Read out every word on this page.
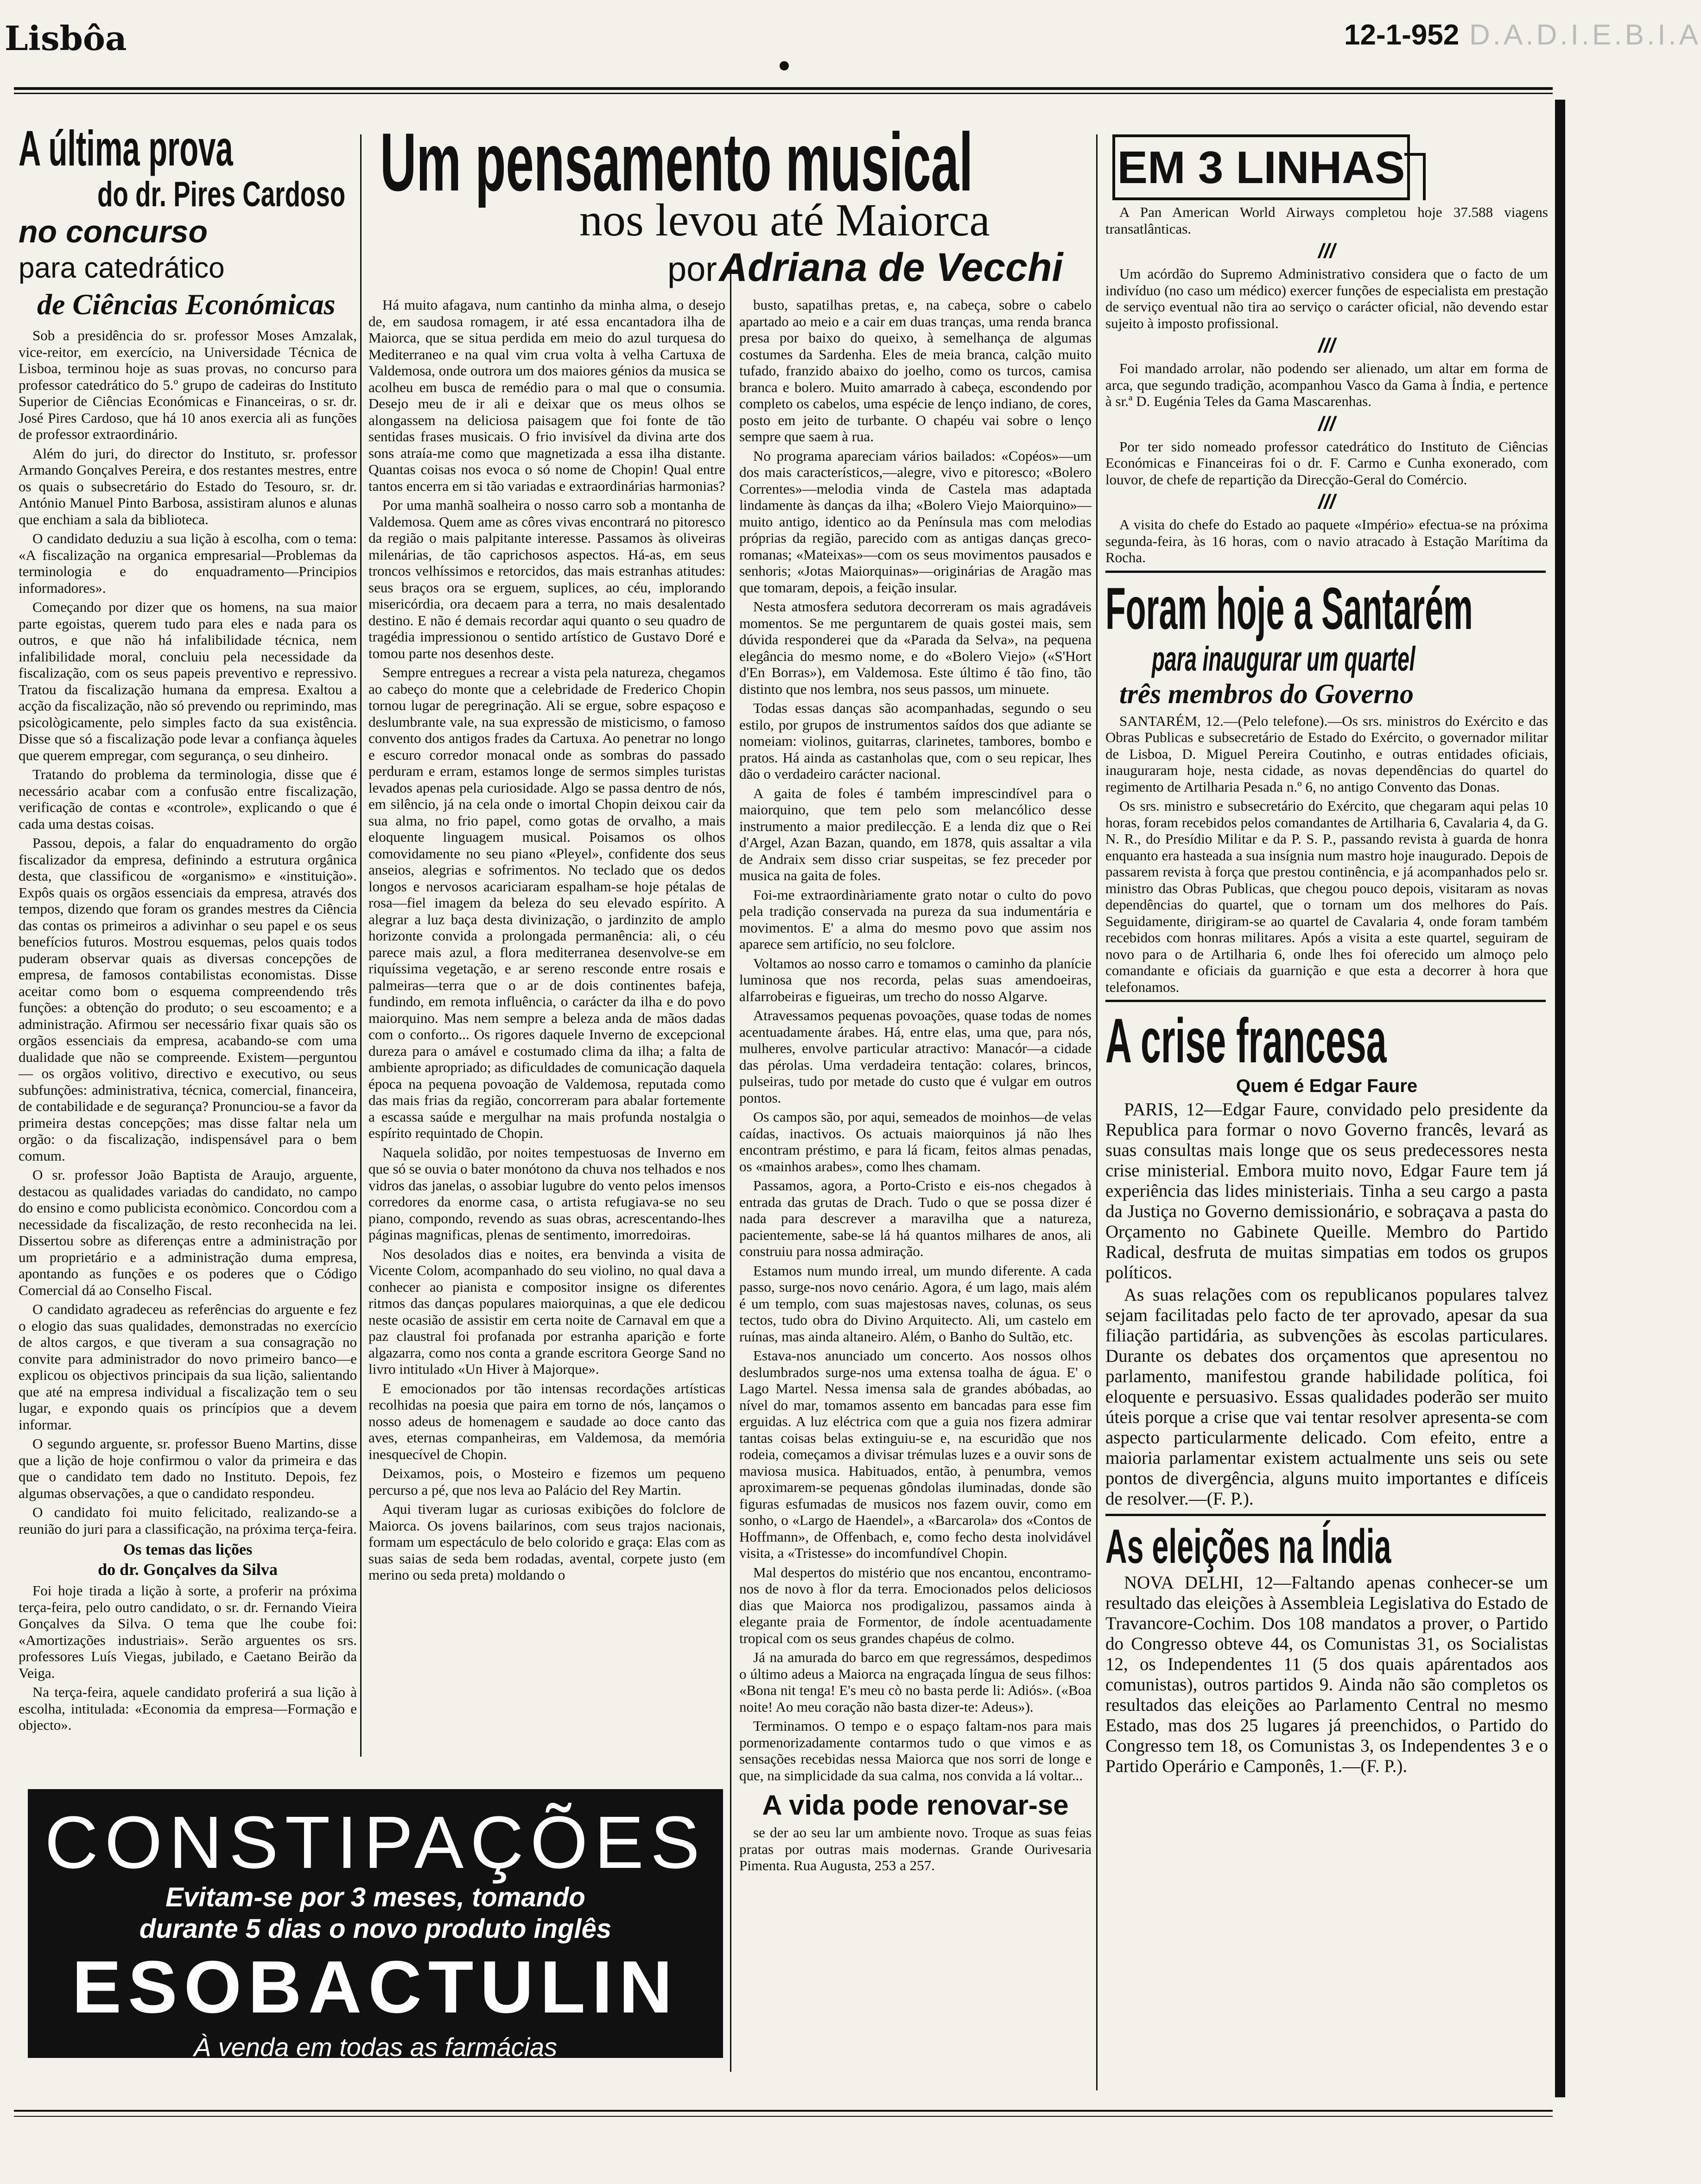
Lisbôa	12-1-952 D.A.D.I.E.B.I.A
A última prova
do dr. Pires Cardoso
no concurso
para catedrático
de Ciências Económicas

Sob a presidência do sr. professor Moses Amzalak, vice-reitor, em exercício, na Universidade Técnica de Lisboa, terminou hoje as suas provas, no concurso para professor catedrático do 5.º grupo de cadeiras do Instituto Superior de Ciências Económicas e Financeiras, o sr. dr. José Pires Cardoso, que há 10 anos exercia ali as funções de professor extraordinário.

Além do juri, do director do Instituto, sr. professor Armando Gonçalves Pereira, e dos restantes mestres, entre os quais o subsecretário do Estado do Tesouro, sr. dr. António Manuel Pinto Barbosa, assistiram alunos e alunas que enchiam a sala da biblioteca.

O candidato deduziu a sua lição à escolha, com o tema: «A fiscalização na organica empresarial—Problemas da terminologia e do enquadramento—Principios informadores».

Começando por dizer que os homens, na sua maior parte egoistas, querem tudo para eles e nada para os outros, e que não há infalibilidade técnica, nem infalibilidade moral, concluiu pela necessidade da fiscalização, com os seus papeis preventivo e repressivo. Tratou da fiscalização humana da empresa. Exaltou a acção da fiscalização, não só prevendo ou reprimindo, mas psicològicamente, pelo simples facto da sua existência. Disse que só a fiscalização pode levar a confiança àqueles que querem empregar, com segurança, o seu dinheiro.

Tratando do problema da terminologia, disse que é necessário acabar com a confusão entre fiscalização, verificação de contas e «controle», explicando o que é cada uma destas coisas.

Passou, depois, a falar do enquadramento do orgão fiscalizador da empresa, definindo a estrutura orgânica desta, que classificou de «organismo» e «instituição». Expôs quais os orgãos essenciais da empresa, através dos tempos, dizendo que foram os grandes mestres da Ciência das contas os primeiros a adivinhar o seu papel e os seus benefícios futuros. Mostrou esquemas, pelos quais todos puderam observar quais as diversas concepções de empresa, de famosos contabilistas economistas. Disse aceitar como bom o esquema compreendendo três funções: a obtenção do produto; o seu escoamento; e a administração. Afirmou ser necessário fixar quais são os orgãos essenciais da empresa, acabando-se com uma dualidade que não se compreende. Existem—perguntou — os orgãos volitivo, directivo e executivo, ou seus subfunções: administrativa, técnica, comercial, financeira, de contabilidade e de segurança? Pronunciou-se a favor da primeira destas concepções; mas disse faltar nela um orgão: o da fiscalização, indispensável para o bem comum.

O sr. professor João Baptista de Araujo, arguente, destacou as qualidades variadas do candidato, no campo do ensino e como publicista econòmico. Concordou com a necessidade da fiscalização, de resto reconhecida na lei. Dissertou sobre as diferenças entre a administração por um proprietário e a administração duma empresa, apontando as funções e os poderes que o Código Comercial dá ao Conselho Fiscal.

O candidato agradeceu as referências do arguente e fez o elogio das suas qualidades, demonstradas no exercício de altos cargos, e que tiveram a sua consagração no convite para administrador do novo primeiro banco—e explicou os objectivos principais da sua lição, salientando que até na empresa individual a fiscalização tem o seu lugar, e expondo quais os princípios que a devem informar.

O segundo arguente, sr. professor Bueno Martins, disse que a lição de hoje confirmou o valor da primeira e das que o candidato tem dado no Instituto. Depois, fez algumas observações, a que o candidato respondeu.

O candidato foi muito felicitado, realizando-se a reunião do juri para a classificação, na próxima terça-feira.

Os temas das lições
do dr. Gonçalves da Silva

Foi hoje tirada a lição à sorte, a proferir na próxima terça-feira, pelo outro candidato, o sr. dr. Fernando Vieira Gonçalves da Silva. O tema que lhe coube foi: «Amortizações industriais». Serão arguentes os srs. professores Luís Viegas, jubilado, e Caetano Beirão da Veiga.

Na terça-feira, aquele candidato proferirá a sua lição à escolha, intitulada: «Economia da empresa—Formação e objecto».

CONSTIPAÇÕES
Evitam-se por 3 meses, tomando
durante 5 dias o novo produto inglês
ESOBACTULIN
À venda em todas as farmácias
Um pensamento musical
nos levou até Maiorca
por Adriana de Vecchi

Há muito afagava, num cantinho da minha alma, o desejo de, em saudosa romagem, ir até essa encantadora ilha de Maiorca, que se situa perdida em meio do azul turquesa do Mediterraneo e na qual vim crua volta à velha Cartuxa de Valdemosa, onde outrora um dos maiores génios da musica se acolheu em busca de remédio para o mal que o consumia. Desejo meu de ir ali e deixar que os meus olhos se alongassem na deliciosa paisagem que foi fonte de tão sentidas frases musicais. O frio invisível da divina arte dos sons atraía-me como que magnetizada a essa ilha distante. Quantas coisas nos evoca o só nome de Chopin! Qual entre tantos encerra em si tão variadas e extraordinárias harmonias?

Por uma manhã soalheira o nosso carro sob a montanha de Valdemosa. Quem ame as côres vivas encontrará no pitoresco da região o mais palpitante interesse. Passamos às oliveiras milenárias, de tão caprichosos aspectos. Há-as, em seus troncos velhíssimos e retorcidos, das mais estranhas atitudes: seus braços ora se erguem, suplices, ao céu, implorando misericórdia, ora decaem para a terra, no mais desalentado destino. E não é demais recordar aqui quanto o seu quadro de tragédia impressionou o sentido artístico de Gustavo Doré e tomou parte nos desenhos deste.

Sempre entregues a recrear a vista pela natureza, chegamos ao cabeço do monte que a celebridade de Frederico Chopin tornou lugar de peregrinação. Ali se ergue, sobre espaçoso e deslumbrante vale, na sua expressão de misticismo, o famoso convento dos antigos frades da Cartuxa. Ao penetrar no longo e escuro corredor monacal onde as sombras do passado perduram e erram, estamos longe de sermos simples turistas levados apenas pela curiosidade. Algo se passa dentro de nós, em silêncio, já na cela onde o imortal Chopin deixou cair da sua alma, no frio papel, como gotas de orvalho, a mais eloquente linguagem musical. Poisamos os olhos comovidamente no seu piano «Pleyel», confidente dos seus anseios, alegrias e sofrimentos. No teclado que os dedos longos e nervosos acariciaram espalham-se hoje pétalas de rosa—fiel imagem da beleza do seu elevado espírito. A alegrar a luz baça desta divinização, o jardinzito de amplo horizonte convida a prolongada permanência: ali, o céu parece mais azul, a flora mediterranea desenvolve-se em riquíssima vegetação, e ar sereno resconde entre rosais e palmeiras—terra que o ar de dois continentes bafeja, fundindo, em remota influência, o carácter da ilha e do povo maiorquino. Mas nem sempre a beleza anda de mãos dadas com o conforto... Os rigores daquele Inverno de excepcional dureza para o amável e costumado clima da ilha; a falta de ambiente apropriado; as dificuldades de comunicação daquela época na pequena povoação de Valdemosa, reputada como das mais frias da região, concorreram para abalar fortemente a escassa saúde e mergulhar na mais profunda nostalgia o espírito requintado de Chopin.

Naquela solidão, por noites tempestuosas de Inverno em que só se ouvia o bater monótono da chuva nos telhados e nos vidros das janelas, o assobiar lugubre do vento pelos imensos corredores da enorme casa, o artista refugiava-se no seu piano, compondo, revendo as suas obras, acrescentando-lhes páginas magnificas, plenas de sentimento, imorredoiras.

Nos desolados dias e noites, era benvinda a visita de Vicente Colom, acompanhado do seu violino, no qual dava a conhecer ao pianista e compositor insigne os diferentes ritmos das danças populares maiorquinas, a que ele dedicou neste ocasião de assistir em certa noite de Carnaval em que a paz claustral foi profanada por estranha aparição e forte algazarra, como nos conta a grande escritora George Sand no livro intitulado «Un Hiver à Majorque».

E emocionados por tão intensas recordações artísticas recolhidas na poesia que paira em torno de nós, lançamos o nosso adeus de homenagem e saudade ao doce canto das aves, eternas companheiras, em Valdemosa, da memória inesquecível de Chopin.

Deixamos, pois, o Mosteiro e fizemos um pequeno percurso a pé, que nos leva ao Palácio del Rey Martin.

Aqui tiveram lugar as curiosas exibições do folclore de Maiorca. Os jovens bailarinos, com seus trajos nacionais, formam um espectáculo de belo colorido e graça: Elas com as suas saias de seda bem rodadas, avental, corpete justo (em merino ou seda preta) moldando o

busto, sapatilhas pretas, e, na cabeça, sobre o cabelo apartado ao meio e a cair em duas tranças, uma renda branca presa por baixo do queixo, à semelhança de algumas costumes da Sardenha. Eles de meia branca, calção muito tufado, franzido abaixo do joelho, como os turcos, camisa branca e bolero. Muito amarrado à cabeça, escondendo por completo os cabelos, uma espécie de lenço indiano, de cores, posto em jeito de turbante. O chapéu vai sobre o lenço sempre que saem à rua.

No programa apareciam vários bailados: «Copéos»—um dos mais característicos,—alegre, vivo e pitoresco; «Bolero Correntes»—melodia vinda de Castela mas adaptada lindamente às danças da ilha; «Bolero Viejo Maiorquino»—muito antigo, identico ao da Península mas com melodias próprias da região, parecido com as antigas danças greco-romanas; «Mateixas»—com os seus movimentos pausados e senhoris; «Jotas Maiorquinas»—originárias de Aragão mas que tomaram, depois, a feição insular.

Nesta atmosfera sedutora decorreram os mais agradáveis momentos. Se me perguntarem de quais gostei mais, sem dúvida responderei que da «Parada da Selva», na pequena elegância do mesmo nome, e do «Bolero Viejo» («S'Hort d'En Borras»), em Valdemosa. Este último é tão fino, tão distinto que nos lembra, nos seus passos, um minuete.

Todas essas danças são acompanhadas, segundo o seu estilo, por grupos de instrumentos saídos dos que adiante se nomeiam: violinos, guitarras, clarinetes, tambores, bombo e pratos. Há ainda as castanholas que, com o seu repicar, lhes dão o verdadeiro carácter nacional.

A gaita de foles é também imprescindível para o maiorquino, que tem pelo som melancólico desse instrumento a maior predilecção. E a lenda diz que o Rei d'Argel, Azan Bazan, quando, em 1878, quis assaltar a vila de Andraix sem disso criar suspeitas, se fez preceder por musica na gaita de foles.

Foi-me extraordinàriamente grato notar o culto do povo pela tradição conservada na pureza da sua indumentária e movimentos. E' a alma do mesmo povo que assim nos aparece sem artifício, no seu folclore.

Voltamos ao nosso carro e tomamos o caminho da planície luminosa que nos recorda, pelas suas amendoeiras, alfarrobeiras e figueiras, um trecho do nosso Algarve.

Atravessamos pequenas povoações, quase todas de nomes acentuadamente árabes. Há, entre elas, uma que, para nós, mulheres, envolve particular atractivo: Manacór—a cidade das pérolas. Uma verdadeira tentação: colares, brincos, pulseiras, tudo por metade do custo que é vulgar em outros pontos.

Os campos são, por aqui, semeados de moinhos—de velas caídas, inactivos. Os actuais maiorquinos já não lhes encontram préstimo, e para lá ficam, feitos almas penadas, os «mainhos arabes», como lhes chamam.

Passamos, agora, a Porto-Cristo e eis-nos chegados à entrada das grutas de Drach. Tudo o que se possa dizer é nada para descrever a maravilha que a natureza, pacientemente, sabe-se lá há quantos milhares de anos, ali construiu para nossa admiração.

Estamos num mundo irreal, um mundo diferente. A cada passo, surge-nos novo cenário. Agora, é um lago, mais além é um templo, com suas majestosas naves, colunas, os seus tectos, tudo obra do Divino Arquitecto. Ali, um castelo em ruínas, mas ainda altaneiro. Além, o Banho do Sultão, etc.

Estava-nos anunciado um concerto. Aos nossos olhos deslumbrados surge-nos uma extensa toalha de água. E' o Lago Martel. Nessa imensa sala de grandes abóbadas, ao nível do mar, tomamos assento em bancadas para esse fim erguidas. A luz eléctrica com que a guia nos fizera admirar tantas coisas belas extinguiu-se e, na escuridão que nos rodeia, começamos a divisar trémulas luzes e a ouvir sons de maviosa musica. Habituados, então, à penumbra, vemos aproximarem-se pequenas gôndolas iluminadas, donde são figuras esfumadas de musicos nos fazem ouvir, como em sonho, o «Largo de Haendel», a «Barcarola» dos «Contos de Hoffmann», de Offenbach, e, como fecho desta inolvidável visita, a «Tristesse» do incomfundível Chopin.

Mal despertos do mistério que nos encantou, encontramo-nos de novo à flor da terra. Emocionados pelos deliciosos dias que Maiorca nos prodigalizou, passamos ainda à elegante praia de Formentor, de índole acentuadamente tropical com os seus grandes chapéus de colmo.

Já na amurada do barco em que regressámos, despedimos o último adeus a Maiorca na engraçada língua de seus filhos: «Bona nit tenga! E's meu cò no basta perde li: Adiós». («Boa noite! Ao meu coração não basta dizer-te: Adeus»).

Terminamos. O tempo e o espaço faltam-nos para mais pormenorizadamente contarmos tudo o que vimos e as sensações recebidas nessa Maiorca que nos sorri de longe e que, na simplicidade da sua calma, nos convida a lá voltar...

A vida pode renovar-se

se der ao seu lar um ambiente novo. Troque as suas feias pratas por outras mais modernas. Grande Ourivesaria Pimenta. Rua Augusta, 253 a 257.

EM 3 LINHAS

A Pan American World Airways completou hoje 37.588 viagens transatlânticas.

///

Um acórdão do Supremo Administrativo considera que o facto de um indivíduo (no caso um médico) exercer funções de especialista em prestação de serviço eventual não tira ao serviço o carácter oficial, não devendo estar sujeito à imposto profissional.

///

Foi mandado arrolar, não podendo ser alienado, um altar em forma de arca, que segundo tradição, acompanhou Vasco da Gama à Índia, e pertence à sr.ª D. Eugénia Teles da Gama Mascarenhas.

///

Por ter sido nomeado professor catedrático do Instituto de Ciências Económicas e Financeiras foi o dr. F. Carmo e Cunha exonerado, com louvor, de chefe de repartição da Direcção-Geral do Comércio.

///

A visita do chefe do Estado ao paquete «Império» efectua-se na próxima segunda-feira, às 16 horas, com o navio atracado à Estação Marítima da Rocha.

Foram hoje a Santarém
para inaugurar um quartel
três membros do Governo

SANTARÉM, 12.—(Pelo telefone).—Os srs. ministros do Exército e das Obras Publicas e subsecretário de Estado do Exército, o governador militar de Lisboa, D. Miguel Pereira Coutinho, e outras entidades oficiais, inauguraram hoje, nesta cidade, as novas dependências do quartel do regimento de Artilharia Pesada n.º 6, no antigo Convento das Donas.

Os srs. ministro e subsecretário do Exército, que chegaram aqui pelas 10 horas, foram recebidos pelos comandantes de Artilharia 6, Cavalaria 4, da G. N. R., do Presídio Militar e da P. S. P., passando revista à guarda de honra enquanto era hasteada a sua insígnia num mastro hoje inaugurado. Depois de passarem revista à força que prestou continência, e já acompanhados pelo sr. ministro das Obras Publicas, que chegou pouco depois, visitaram as novas dependências do quartel, que o tornam um dos melhores do País. Seguidamente, dirigiram-se ao quartel de Cavalaria 4, onde foram também recebidos com honras militares. Após a visita a este quartel, seguiram de novo para o de Artilharia 6, onde lhes foi oferecido um almoço pelo comandante e oficiais da guarnição e que esta a decorrer à hora que telefonamos.

A crise francesa
Quem é Edgar Faure

PARIS, 12—Edgar Faure, convidado pelo presidente da Republica para formar o novo Governo francês, levará as suas consultas mais longe que os seus predecessores nesta crise ministerial. Embora muito novo, Edgar Faure tem já experiência das lides ministeriais. Tinha a seu cargo a pasta da Justiça no Governo demissionário, e sobraçava a pasta do Orçamento no Gabinete Queille. Membro do Partido Radical, desfruta de muitas simpatias em todos os grupos políticos.

As suas relações com os republicanos populares talvez sejam facilitadas pelo facto de ter aprovado, apesar da sua filiação partidária, as subvenções às escolas particulares. Durante os debates dos orçamentos que apresentou no parlamento, manifestou grande habilidade política, foi eloquente e persuasivo. Essas qualidades poderão ser muito úteis porque a crise que vai tentar resolver apresenta-se com aspecto particularmente delicado. Com efeito, entre a maioria parlamentar existem actualmente uns seis ou sete pontos de divergência, alguns muito importantes e difíceis de resolver.—(F. P.).

As eleições na Índia

NOVA DELHI, 12—Faltando apenas conhecer-se um resultado das eleições à Assembleia Legislativa do Estado de Travancore-Cochim. Dos 108 mandatos a prover, o Partido do Congresso obteve 44, os Comunistas 31, os Socialistas 12, os Independentes 11 (5 dos quais apárentados aos comunistas), outros partidos 9. Ainda não são completos os resultados das eleições ao Parlamento Central no mesmo Estado, mas dos 25 lugares já preenchidos, o Partido do Congresso tem 18, os Comunistas 3, os Independentes 3 e o Partido Operário e Camponês, 1.—(F. P.).
